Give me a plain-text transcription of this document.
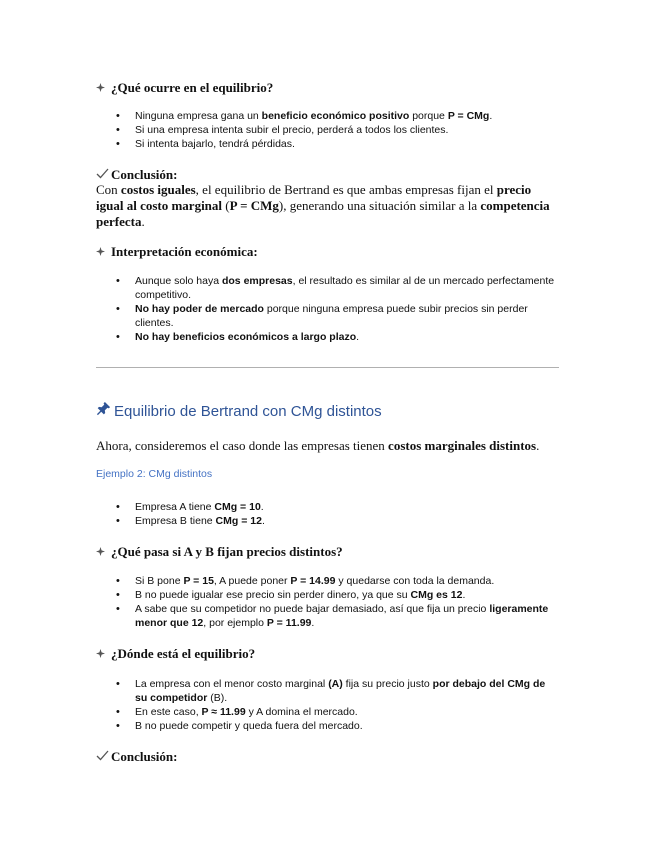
¿Qué ocurre en el equilibrio?
• Ninguna empresa gana un beneficio económico positivo porque P = CMg.
• Si una empresa intenta subir el precio, perderá a todos los clientes.
• Si intenta bajarlo, tendrá pérdidas.
Conclusión:
Con costos iguales, el equilibrio de Bertrand es que ambas empresas fijan el precio igual al costo marginal (P = CMg), generando una situación similar a la competencia perfecta.
Interpretación económica:
• Aunque solo haya dos empresas, el resultado es similar al de un mercado perfectamente competitivo.
• No hay poder de mercado porque ninguna empresa puede subir precios sin perder clientes.
• No hay beneficios económicos a largo plazo.
Equilibrio de Bertrand con CMg distintos
Ahora, consideremos el caso donde las empresas tienen costos marginales distintos.
Ejemplo 2: CMg distintos
• Empresa A tiene CMg = 10.
• Empresa B tiene CMg = 12.
¿Qué pasa si A y B fijan precios distintos?
• Si B pone P = 15, A puede poner P = 14.99 y quedarse con toda la demanda.
• B no puede igualar ese precio sin perder dinero, ya que su CMg es 12.
• A sabe que su competidor no puede bajar demasiado, así que fija un precio ligeramente menor que 12, por ejemplo P = 11.99.
¿Dónde está el equilibrio?
• La empresa con el menor costo marginal (A) fija su precio justo por debajo del CMg de su competidor (B).
• En este caso, P ≈ 11.99 y A domina el mercado.
• B no puede competir y queda fuera del mercado.
Conclusión:
